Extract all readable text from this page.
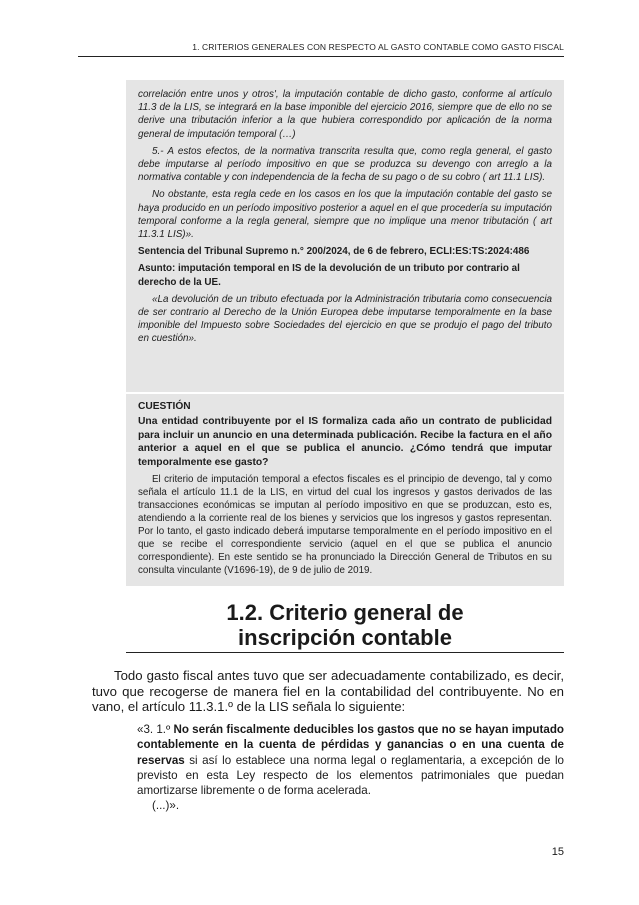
1. CRITERIOS GENERALES CON RESPECTO AL GASTO CONTABLE COMO GASTO FISCAL

correlación entre unos y otros', la imputación contable de dicho gasto, conforme al artículo 11.3 de la LIS, se integrará en la base imponible del ejercicio 2016, siempre que de ello no se derive una tributación inferior a la que hubiera correspondido por aplicación de la norma general de imputación temporal (…)

5.- A estos efectos, de la normativa transcrita resulta que, como regla general, el gasto debe imputarse al período impositivo en que se produzca su devengo con arreglo a la normativa contable y con independencia de la fecha de su pago o de su cobro ( art 11.1 LIS).

No obstante, esta regla cede en los casos en los que la imputación contable del gasto se haya producido en un período impositivo posterior a aquel en el que procedería su imputación temporal conforme a la regla general, siempre que no implique una menor tributación ( art 11.3.1 LIS)».

Sentencia del Tribunal Supremo n.° 200/2024, de 6 de febrero, ECLI:ES:TS:2024:486

Asunto: imputación temporal en IS de la devolución de un tributo por contrario al derecho de la UE.

«La devolución de un tributo efectuada por la Administración tributaria como consecuencia de ser contrario al Derecho de la Unión Europea debe imputarse temporalmente en la base imponible del Impuesto sobre Sociedades del ejercicio en que se produjo el pago del tributo en cuestión».

CUESTIÓN

Una entidad contribuyente por el IS formaliza cada año un contrato de publicidad para incluir un anuncio en una determinada publicación. Recibe la factura en el año anterior a aquel en el que se publica el anuncio. ¿Cómo tendrá que imputar temporalmente ese gasto?

El criterio de imputación temporal a efectos fiscales es el principio de devengo, tal y como señala el artículo 11.1 de la LIS, en virtud del cual los ingresos y gastos derivados de las transacciones económicas se imputan al período impositivo en que se produzcan, esto es, atendiendo a la corriente real de los bienes y servicios que los ingresos y gastos representan. Por lo tanto, el gasto indicado deberá imputarse temporalmente en el período impositivo en el que se recibe el correspondiente servicio (aquel en el que se publica el anuncio correspondiente). En este sentido se ha pronunciado la Dirección General de Tributos en su consulta vinculante (V1696-19), de 9 de julio de 2019.

1.2. Criterio general de
inscripción contable

Todo gasto fiscal antes tuvo que ser adecuadamente contabilizado, es decir, tuvo que recogerse de manera fiel en la contabilidad del contribuyente. No en vano, el artículo 11.3.1.º de la LIS señala lo siguiente:

«3. 1.º No serán fiscalmente deducibles los gastos que no se hayan imputado contablemente en la cuenta de pérdidas y ganancias o en una cuenta de reservas si así lo establece una norma legal o reglamentaria, a excepción de lo previsto en esta Ley respecto de los elementos patrimoniales que puedan amortizarse libremente o de forma acelerada.

(...)».
15
